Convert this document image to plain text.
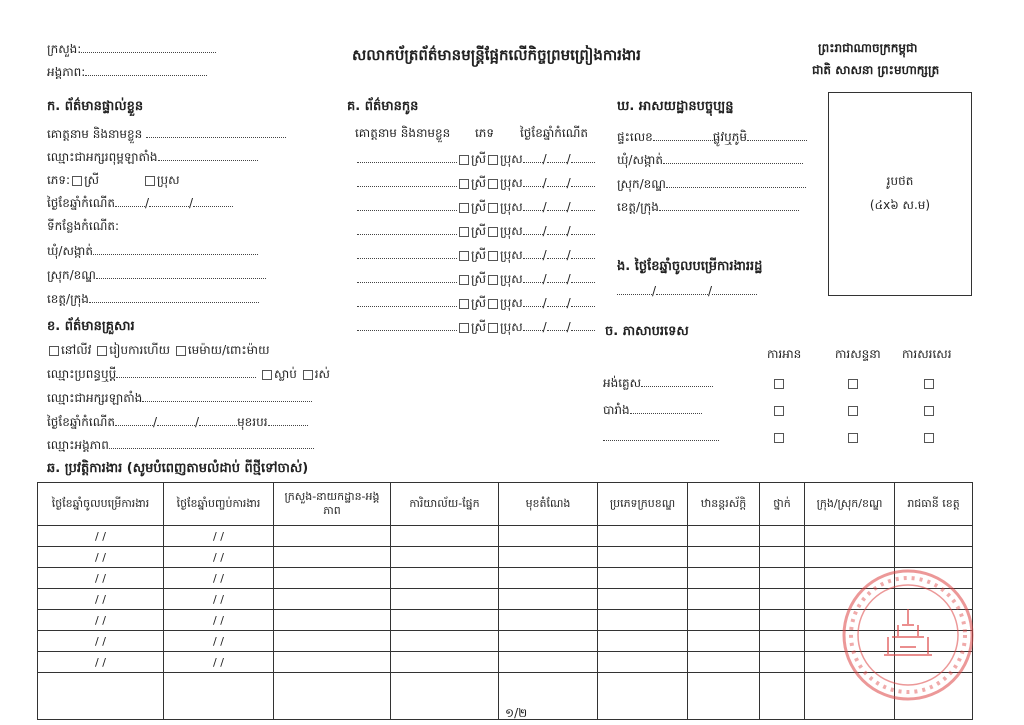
ក្រសួង:
អង្គភាព:
សលាកប័ត្រព័ត៌មានមន្ត្រីផ្អែកលើកិច្ចព្រមព្រៀងការងារ	ព្រះរាជាណាចក្រកម្ពុជា
ជាតិ សាសនា ព្រះមហាក្សត្រ
ក. ព័ត៌មានផ្ទាល់ខ្លួន
គោត្តនាម និងនាមខ្លួន
ឈ្មោះជាអក្សរពុម្ពឡាតាំង
ភេទ: ស្រី	ប្រុស
ថ្ងៃខែឆ្នាំកំណើត	/	/
ទីកន្លែងកំណើត:
ឃុំ/សង្កាត់
ស្រុក/ខណ្ឌ
ខេត្ត/ក្រុង
ខ. ព័ត៌មានគ្រួសារ
នៅលីវ រៀបការហើយ មេម៉ាយ/ពោះម៉ាយ
ឈ្មោះប្រពន្ធឬប្ដី	ស្លាប់ រស់
ឈ្មោះជាអក្សរឡាតាំង
ថ្ងៃខែឆ្នាំកំណើត	/	/	មុខរបរ
ឈ្មោះអង្គភាព
គ. ព័ត៌មានកូន
គោត្តនាម និងនាមខ្លួន ភេទ ថ្ងៃខែឆ្នាំកំណើត
ស្រី ប្រុស / /
ស្រី ប្រុស / /
ស្រី ប្រុស / /
ស្រី ប្រុស / /
ស្រី ប្រុស / /
ស្រី ប្រុស / /
ស្រី ប្រុស / /
ស្រី ប្រុស / /
ឃ. អាសយដ្ឋានបច្ចុប្បន្ន
ផ្ទះលេខ	ផ្លូវឬភូមិ
ឃុំ/សង្កាត់
ស្រុក/ខណ្ឌ
ខេត្ត/ក្រុង
ង. ថ្ងៃខែឆ្នាំចូលបម្រើការងាររដ្ឋ
/	/
រូបថត
(៤x៦ ស.ម)
ច. ភាសាបរទេស
ការអាន	ការសន្ទនា ការសរសេរ
អង់គ្លេស
បារាំង
ឆ. ប្រវត្តិការងារ (សូមបំពេញតាមលំដាប់ ពីថ្មីទៅចាស់)
ថ្ងៃខែឆ្នាំចូលបម្រើការងារ	ថ្ងៃខែឆ្នាំបញ្ចប់ការងារ	ក្រសួង-នាយកដ្ឋាន-អង្គភាព	ការិយាល័យ-ផ្នែក	មុខតំណែង	ប្រភេទក្របខណ្ឌ	ឋានន្តរស័ក្តិ	ថ្នាក់	ក្រុង/ស្រុក/ខណ្ឌ	រាជធានី ខេត្ត
/ /	/ /								
/ /	/ /								
/ /	/ /								
/ /	/ /								
/ /	/ /								
/ /	/ /								
/ /	/ /								

១/២
